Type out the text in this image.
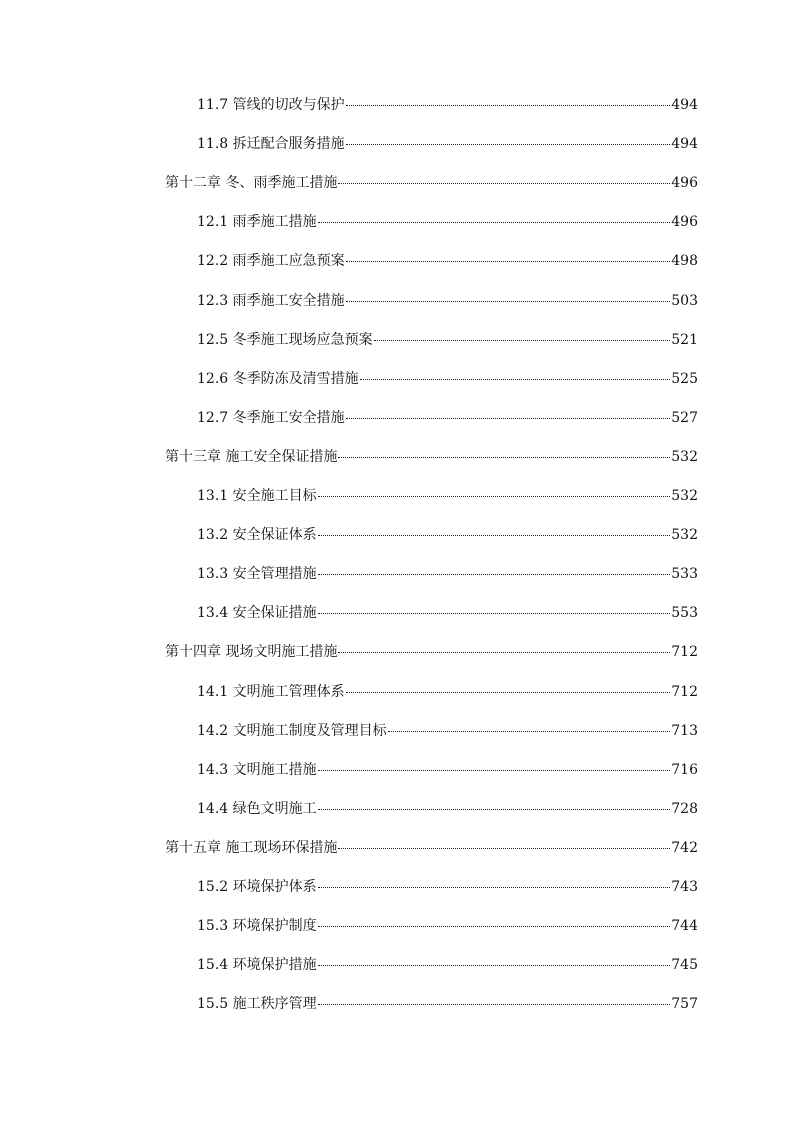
11.7 管线的切改与保护	494
11.8 拆迁配合服务措施	494
第十二章 冬、雨季施工措施	496
12.1 雨季施工措施	496
12.2 雨季施工应急预案	498
12.3 雨季施工安全措施	503
12.5 冬季施工现场应急预案	521
12.6 冬季防冻及清雪措施	525
12.7 冬季施工安全措施	527
第十三章 施工安全保证措施	532
13.1 安全施工目标	532
13.2 安全保证体系	532
13.3 安全管理措施	533
13.4 安全保证措施	553
第十四章 现场文明施工措施	712
14.1 文明施工管理体系	712
14.2 文明施工制度及管理目标	713
14.3 文明施工措施	716
14.4 绿色文明施工	728
第十五章 施工现场环保措施	742
15.2 环境保护体系	743
15.3 环境保护制度	744
15.4 环境保护措施	745
15.5 施工秩序管理	757
